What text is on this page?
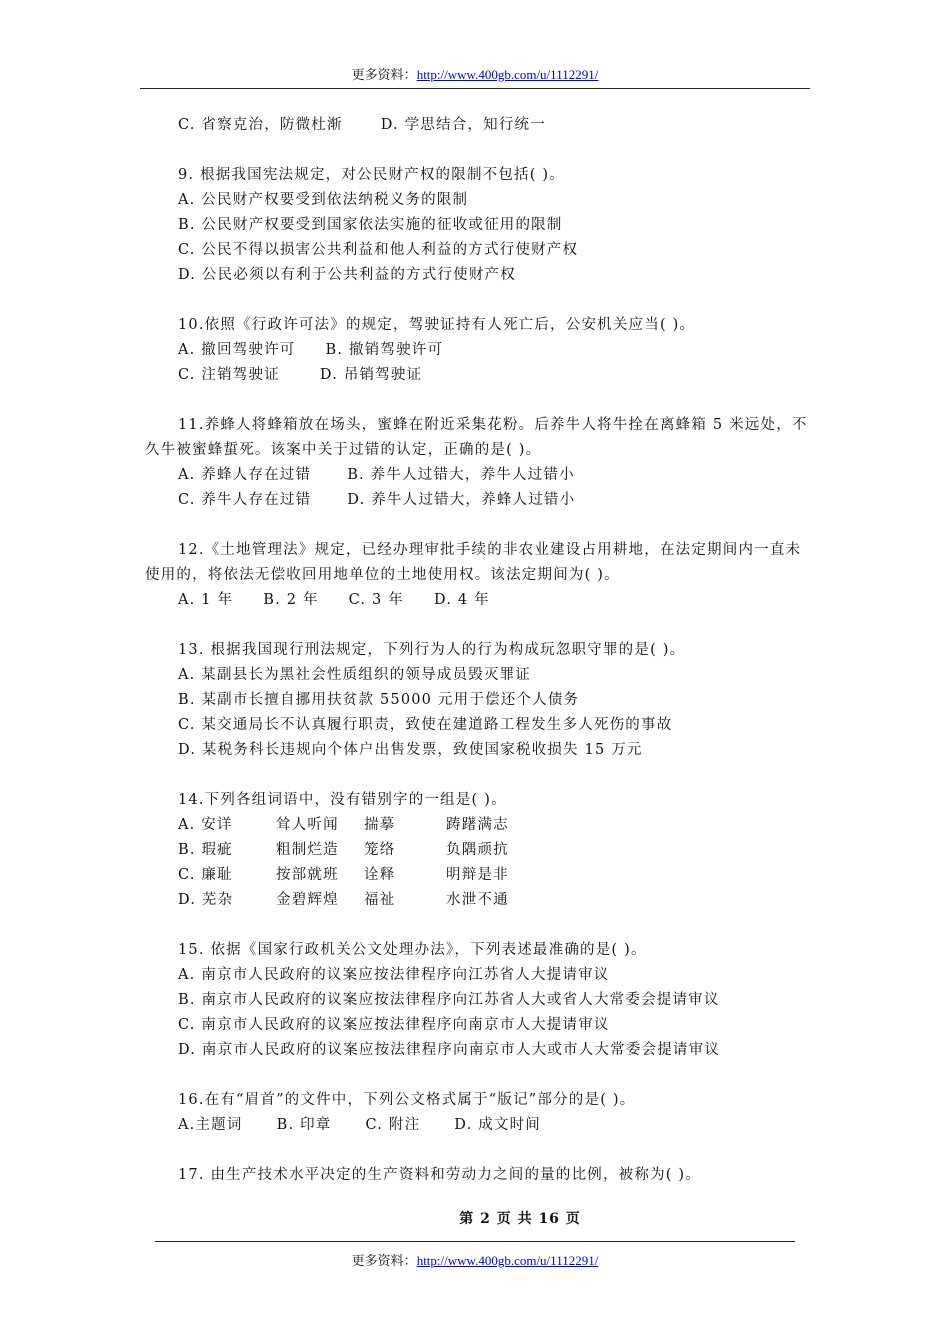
更多资料：http://www.400gb.com/u/1112291/
C. 省察克治，防微杜渐	D. 学思结合，知行统一
9. 根据我国宪法规定，对公民财产权的限制不包括( )。
A. 公民财产权要受到依法纳税义务的限制
B. 公民财产权要受到国家依法实施的征收或征用的限制
C. 公民不得以损害公共利益和他人利益的方式行使财产权
D. 公民必须以有利于公共利益的方式行使财产权
10.依照《行政许可法》的规定，驾驶证持有人死亡后，公安机关应当( )。
A. 撤回驾驶许可 B. 撤销驾驶许可
C. 注销驾驶证	D. 吊销驾驶证
11.养蜂人将蜂箱放在场头，蜜蜂在附近采集花粉。后养牛人将牛拴在离蜂箱 5 米远处，不久牛被蜜蜂蜇死。该案中关于过错的认定，正确的是( )。
A. 养蜂人存在过错 B. 养牛人过错大，养牛人过错小
C. 养牛人存在过错 D. 养牛人过错大，养蜂人过错小
12.《土地管理法》规定，已经办理审批手续的非农业建设占用耕地，在法定期间内一直未使用的，将依法无偿收回用地单位的土地使用权。该法定期间为( )。
A. 1 年 B. 2 年 C. 3 年 D. 4 年
13. 根据我国现行刑法规定，下列行为人的行为构成玩忽职守罪的是( )。
A. 某副县长为黑社会性质组织的领导成员毁灭罪证
B. 某副市长擅自挪用扶贫款 55000 元用于偿还个人债务
C. 某交通局长不认真履行职责，致使在建道路工程发生多人死伤的事故
D. 某税务科长违规向个体户出售发票，致使国家税收损失 15 万元
14.下列各组词语中，没有错别字的一组是( )。
A. 安详	耸人听闻	揣摹	踌躇满志
B. 瑕疵	粗制烂造	笼络	负隅顽抗
C. 廉耻	按部就班	诠释	明辩是非
D. 芜杂	金碧辉煌	福祉	水泄不通
15. 依据《国家行政机关公文处理办法》，下列表述最准确的是( )。
A. 南京市人民政府的议案应按法律程序向江苏省人大提请审议
B. 南京市人民政府的议案应按法律程序向江苏省人大或省人大常委会提请审议
C. 南京市人民政府的议案应按法律程序向南京市人大提请审议
D. 南京市人民政府的议案应按法律程序向南京市人大或市人大常委会提请审议
16.在有“眉首”的文件中，下列公文格式属于“版记”部分的是( )。
A.主题词 B. 印章 C. 附注 D. 成文时间
17. 由生产技术水平决定的生产资料和劳动力之间的量的比例，被称为( )。
第 2 页 共 16 页
更多资料：http://www.400gb.com/u/1112291/
